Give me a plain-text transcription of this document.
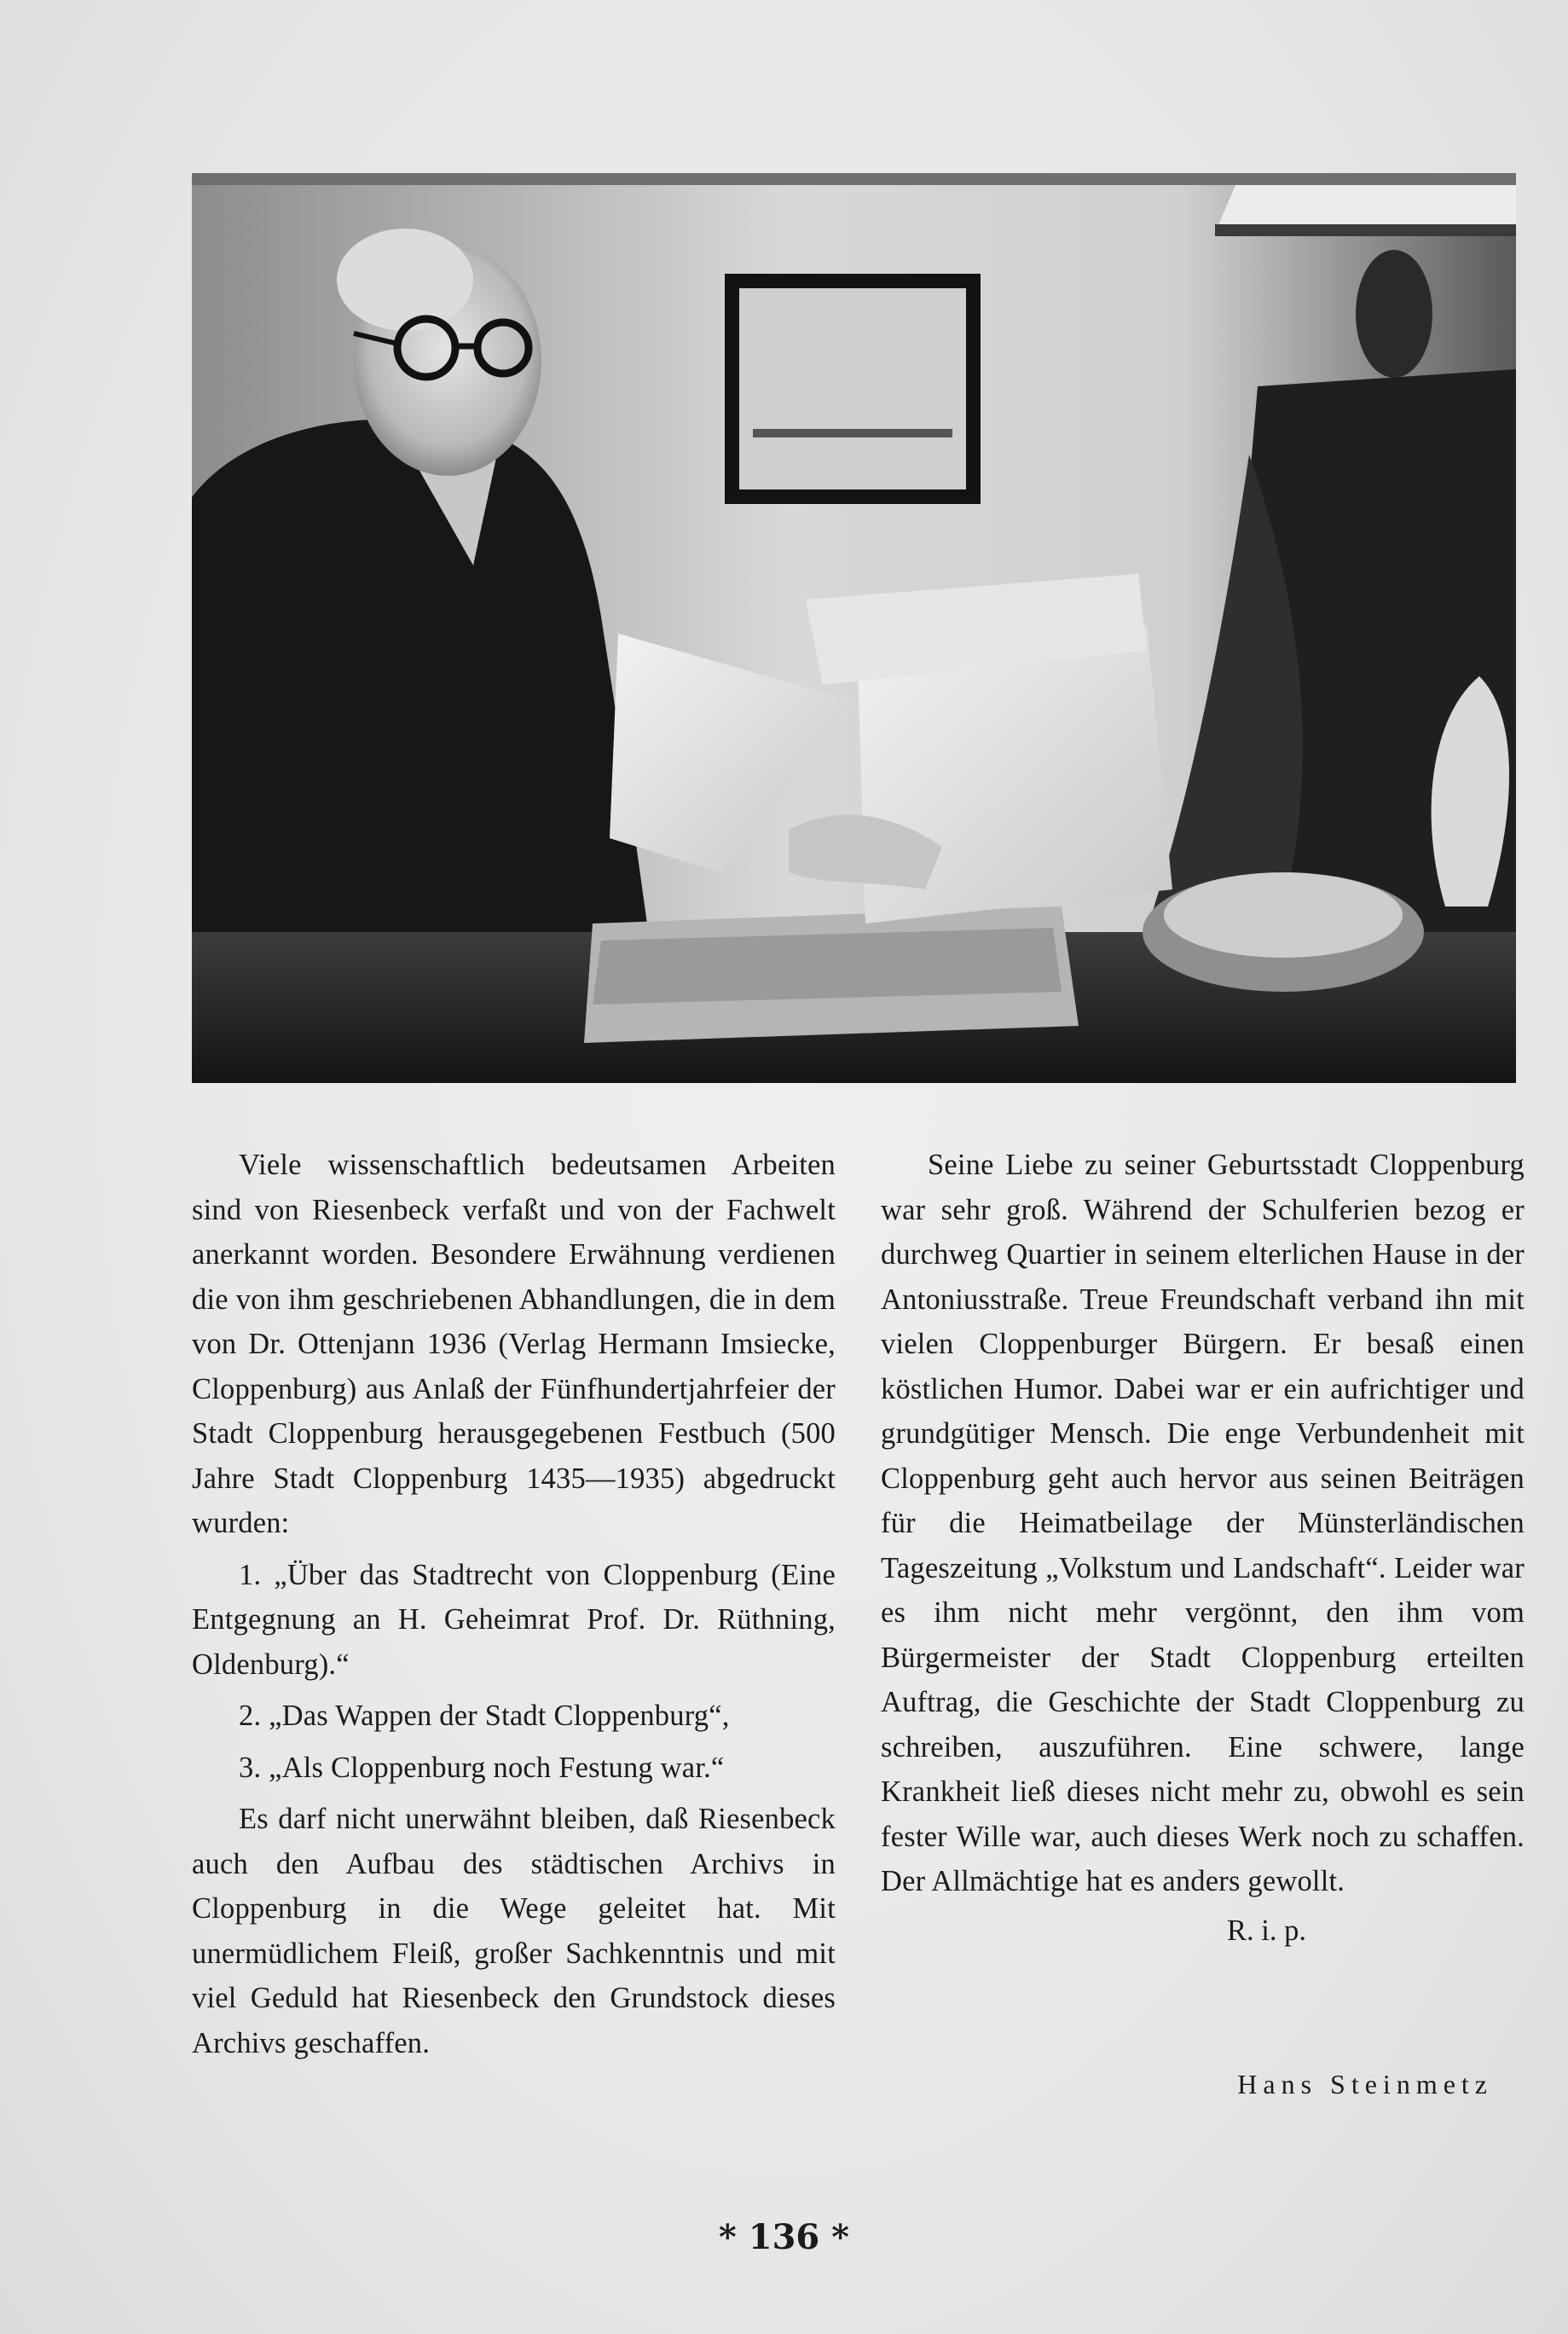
Viele wissenschaftlich bedeutsamen Arbeiten sind von Riesenbeck verfaßt und von der Fachwelt anerkannt worden. Besondere Erwähnung verdienen die von ihm geschriebenen Abhandlungen, die in dem von Dr. Ottenjann 1936 (Verlag Hermann Imsiecke, Cloppenburg) aus Anlaß der Fünfhundertjahrfeier der Stadt Cloppenburg herausgegebenen Festbuch (500 Jahre Stadt Cloppenburg 1435—1935) abgedruckt wurden:

1. „Über das Stadtrecht von Cloppenburg (Eine Entgegnung an H. Geheimrat Prof. Dr. Rüthning, Oldenburg).“

2. „Das Wappen der Stadt Cloppenburg“,

3. „Als Cloppenburg noch Festung war.“

Es darf nicht unerwähnt bleiben, daß Riesenbeck auch den Aufbau des städtischen Archivs in Cloppenburg in die Wege geleitet hat. Mit unermüdlichem Fleiß, großer Sachkenntnis und mit viel Geduld hat Riesenbeck den Grundstock dieses Archivs geschaffen.

Seine Liebe zu seiner Geburtsstadt Cloppenburg war sehr groß. Während der Schulferien bezog er durchweg Quartier in seinem elterlichen Hause in der Antoniusstraße. Treue Freundschaft verband ihn mit vielen Cloppenburger Bürgern. Er besaß einen köstlichen Humor. Dabei war er ein aufrichtiger und grundgütiger Mensch. Die enge Verbundenheit mit Cloppenburg geht auch hervor aus seinen Beiträgen für die Heimatbeilage der Münsterländischen Tageszeitung „Volkstum und Landschaft“. Leider war es ihm nicht mehr vergönnt, den ihm vom Bürgermeister der Stadt Cloppenburg erteilten Auftrag, die Geschichte der Stadt Cloppenburg zu schreiben, auszuführen. Eine schwere, lange Krankheit ließ dieses nicht mehr zu, obwohl es sein fester Wille war, auch dieses Werk noch zu schaffen. Der Allmächtige hat es anders gewollt.

R. i. p.
Hans Steinmetz
* 136 *
